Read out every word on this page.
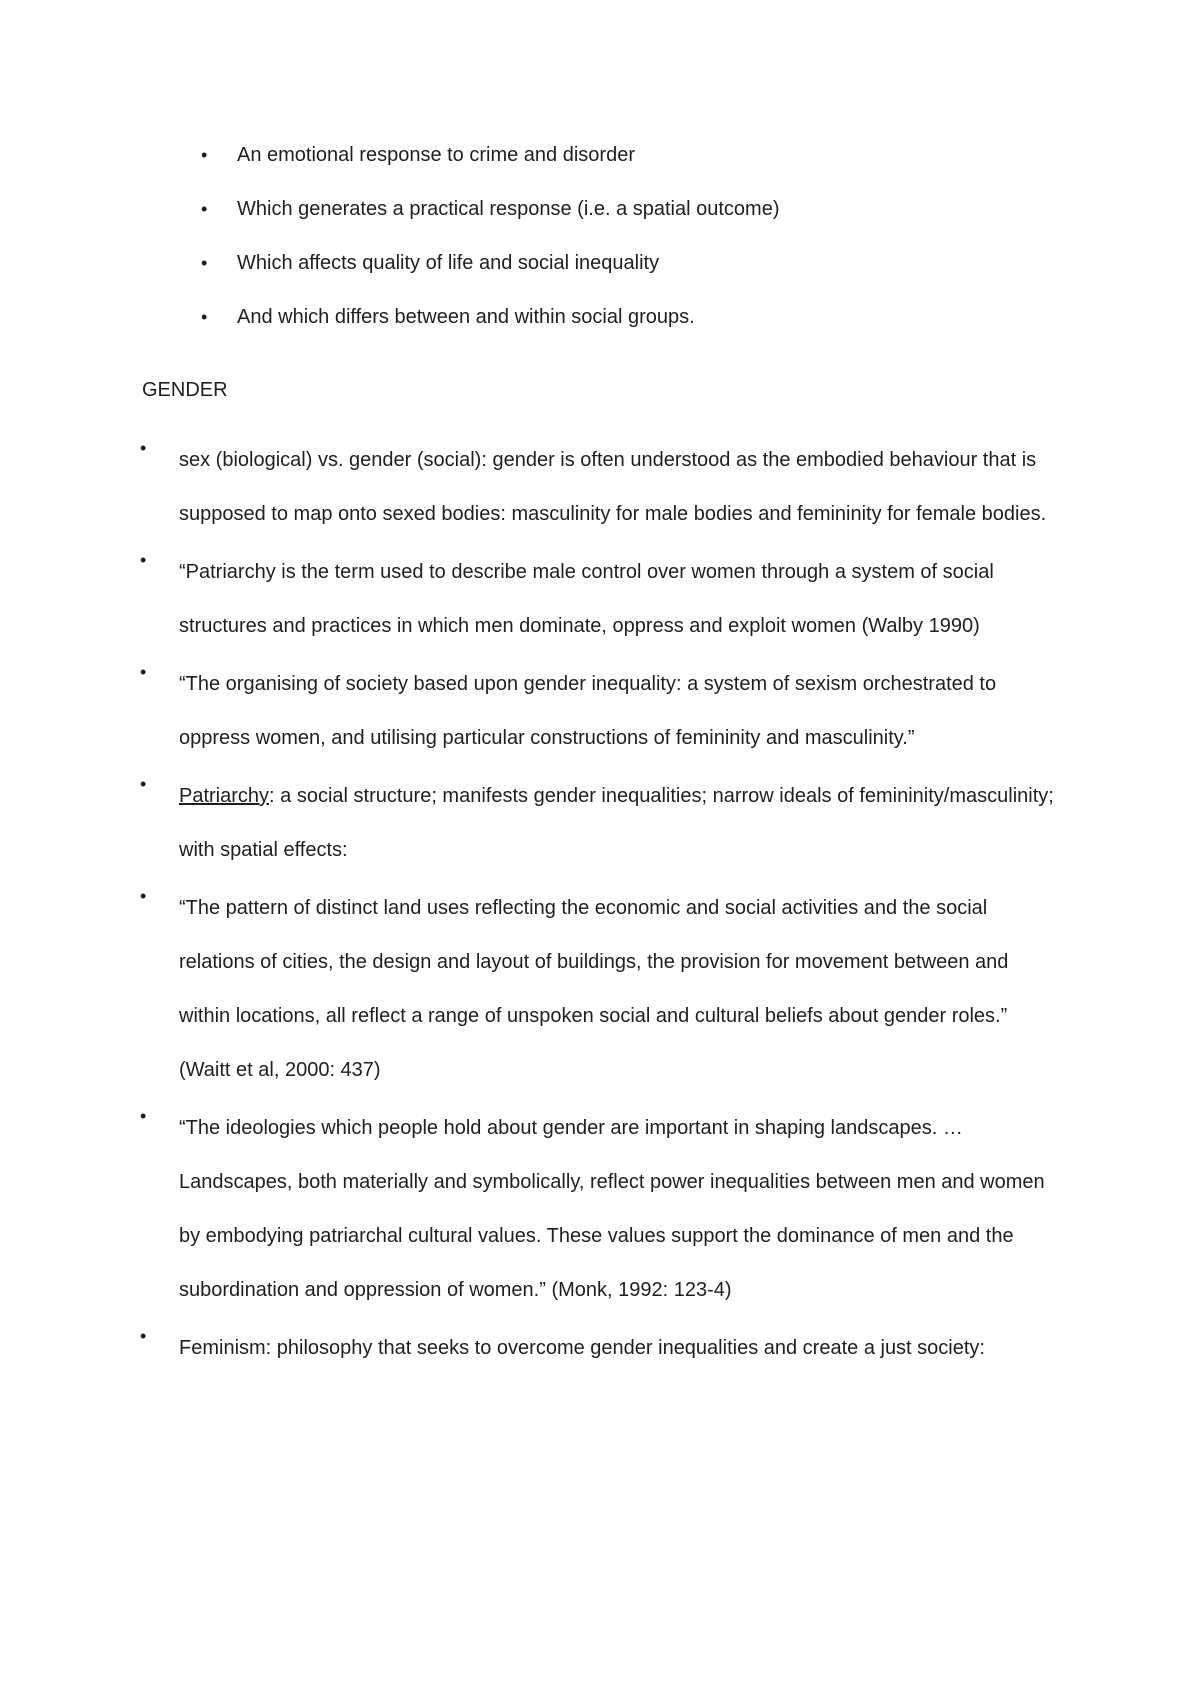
•	An emotional response to crime and disorder
•	Which generates a practical response (i.e. a spatial outcome)
•	Which affects quality of life and social inequality
•	And which differs between and within social groups.
GENDER
•
sex (biological) vs. gender (social): gender is often understood as the embodied behaviour that is supposed to map onto sexed bodies: masculinity for male bodies and femininity for female bodies.
•
“Patriarchy is the term used to describe male control over women through a system of social structures and practices in which men dominate, oppress and exploit women (Walby 1990)
•
“The organising of society based upon gender inequality: a system of sexism orchestrated to oppress women, and utilising particular constructions of femininity and masculinity.”
•
Patriarchy: a social structure; manifests gender inequalities; narrow ideals of femininity/masculinity; with spatial effects:
•
“The pattern of distinct land uses reflecting the economic and social activities and the social relations of cities, the design and layout of buildings, the provision for movement between and within locations, all reflect a range of unspoken social and cultural beliefs about gender roles.” (Waitt et al, 2000: 437)
•
“The ideologies which people hold about gender are important in shaping landscapes. … Landscapes, both materially and symbolically, reflect power inequalities between men and women by embodying patriarchal cultural values. These values support the dominance of men and the subordination and oppression of women.” (Monk, 1992: 123-4)
•
Feminism: philosophy that seeks to overcome gender inequalities and create a just society:
